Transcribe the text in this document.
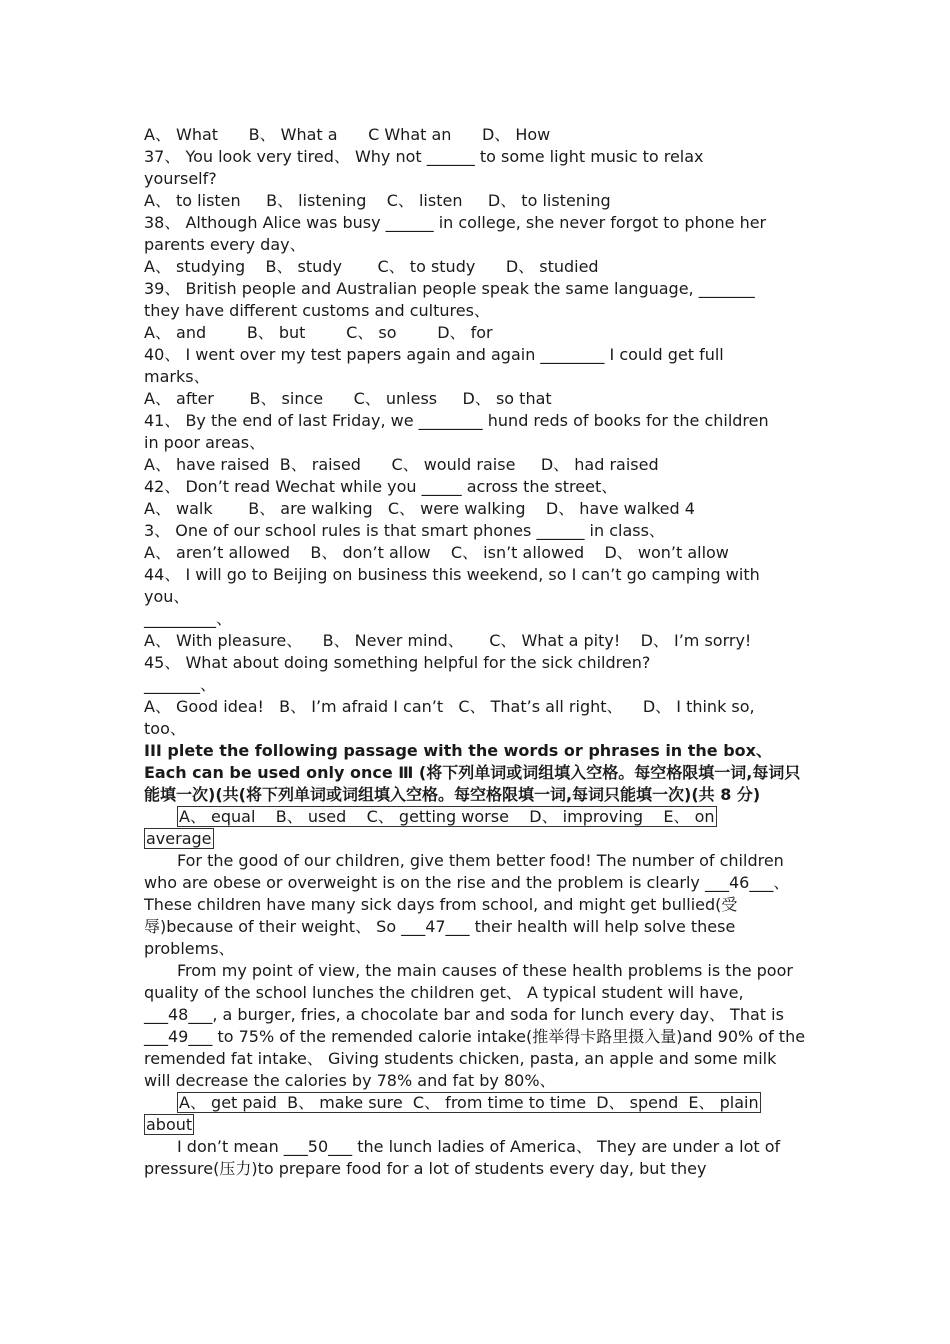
A、 What      B、 What a      C What an      D、 How
37、 You look very tired、 Why not ______ to some light music to relax
yourself?
A、 to listen     B、 listening    C、 listen     D、 to listening
38、 Although Alice was busy ______ in college, she never forgot to phone her
parents every day、
A、 studying    B、 study       C、 to study      D、 studied
39、 British people and Australian people speak the same language, _______
they have different customs and cultures、
A、 and        B、 but        C、 so        D、 for
40、 I went over my test papers again and again ________ I could get full
marks、
A、 after       B、 since      C、 unless     D、 so that
41、 By the end of last Friday, we ________ hund reds of books for the children
in poor areas、
A、 have raised  B、 raised      C、 would raise     D、 had raised
42、 Don’t read Wechat while you _____ across the street、
A、 walk       B、 are walking   C、 were walking    D、 have walked 4
3、 One of our school rules is that smart phones ______ in class、
A、 aren’t allowed    B、 don’t allow    C、 isn’t allowed    D、 won’t allow
44、 I will go to Beijing on business this weekend, so I can’t go camping with
you、
_________、
A、 With pleasure、    B、 Never mind、     C、 What a pity!    D、 I’m sorry!
45、 What about doing something helpful for the sick children?
_______、
A、 Good idea!   B、 I’m afraid I can’t   C、 That’s all right、    D、 I think so,
too、
III plete the following passage with the words or phrases in the box、Each can be used only once Ⅲ (将下列单词或词组填入空格。每空格限填一词,每词只能填一次)(共(将下列单词或词组填入空格。每空格限填一词,每词只能填一次)(共 8 分)
A、 equal    B、 used    C、 getting worse    D、 improving    E、 on
average
For the good of our children, give them better food! The number of children who are obese or overweight is on the rise and the problem is clearly ___46___、 These children have many sick days from school, and might get bullied(受辱)because of their weight、 So ___47___ their health will help solve these problems、
From my point of view, the main causes of these health problems is the poor quality of the school lunches the children get、 A typical student will have, ___48___, a burger, fries, a chocolate bar and soda for lunch every day、 That is ___49___ to 75% of the remended calorie intake(推举得卡路里摄入量)and 90% of the remended fat intake、 Giving students chicken, pasta, an apple and some milk will decrease the calories by 78% and fat by 80%、
A、 get paid  B、 make sure  C、 from time to time  D、 spend  E、 plain
about
I don’t mean ___50___ the lunch ladies of America、 They are under a lot of pressure(压力)to prepare food for a lot of students every day, but they
